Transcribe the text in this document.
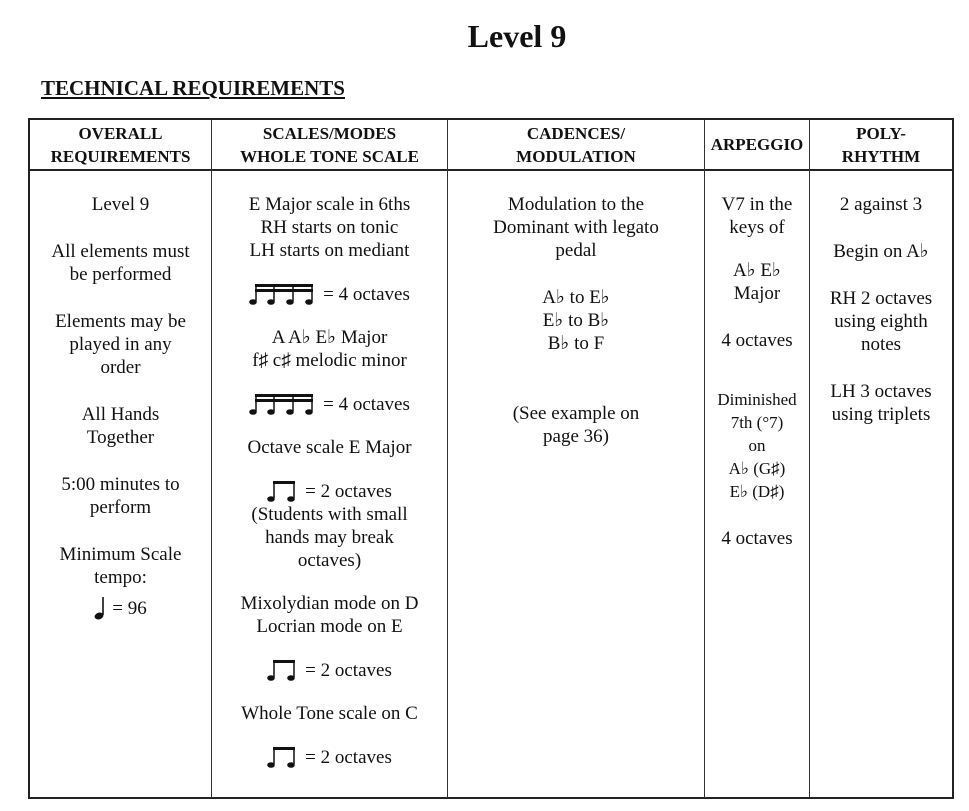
Level 9
TECHNICAL REQUIREMENTS
OVERALL
REQUIREMENTS

Level 9

All elements must

be performed

Elements may be

played in any

order

All Hands

Together

5:00 minutes to

perform

Minimum Scale

tempo:

= 96
SCALES/MODES
WHOLE TONE SCALE

E Major scale in 6ths

RH starts on tonic

LH starts on mediant

= 4 octaves

A A♭ E♭ Major

f♯ c♯ melodic minor

= 4 octaves

Octave scale E Major

= 2 octaves

(Students with small

hands may break

octaves)

Mixolydian mode on D

Locrian mode on E

= 2 octaves

Whole Tone scale on C

= 2 octaves
CADENCES/
MODULATION

Modulation to the

Dominant with legato

pedal

A♭ to E♭

E♭ to B♭

B♭ to F

(See example on

page 36)

ARPEGGIO

V7 in the

keys of

A♭ E♭

Major

4 octaves

Diminished

7th (°7)

on

A♭ (G♯)

E♭ (D♯)

4 octaves

POLY-
RHYTHM

2 against 3

Begin on A♭

RH 2 octaves

using eighth

notes

LH 3 octaves

using triplets
